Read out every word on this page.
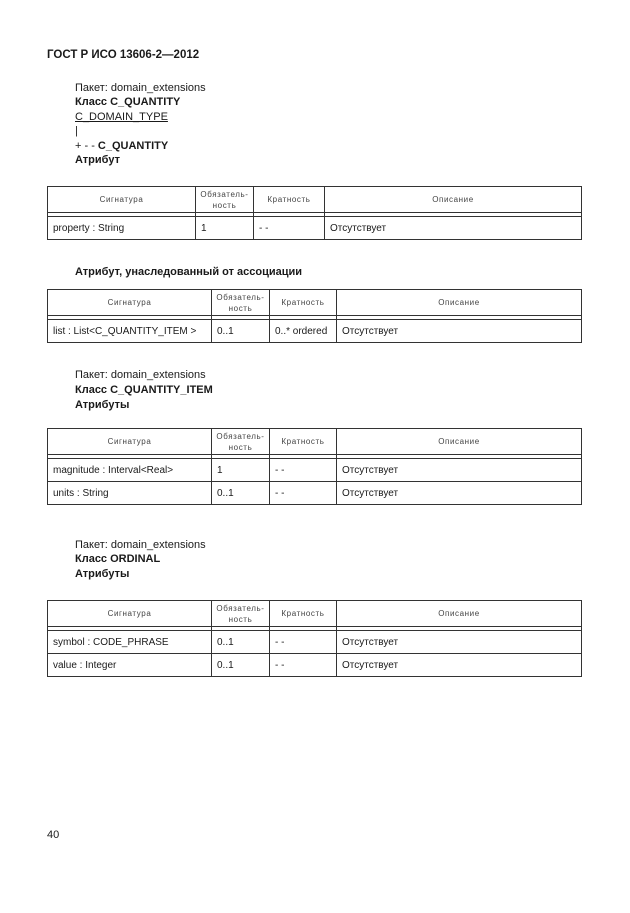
ГОСТ Р ИСО 13606-2—2012
Пакет: domain_extensions
Класс C_QUANTITY
C_DOMAIN_TYPE
|
+ - - C_QUANTITY
Атрибут
Сигнатура	Обязатель-
ность	Кратность	Описание

property : String	1	- -	Отсутствует
Атрибут, унаследованный от ассоциации
Сигнатура	Обязатель-
ность	Кратность	Описание

list : List<C_QUANTITY_ITEM >	0..1	0..* ordered	Отсутствует
Пакет: domain_extensions
Класс C_QUANTITY_ITEM
Атрибуты
Сигнатура	Обязатель-
ность	Кратность	Описание

magnitude : Interval<Real>	1	- -	Отсутствует
units : String	0..1	- -	Отсутствует
Пакет: domain_extensions
Класс ORDINAL
Атрибуты
Сигнатура	Обязатель-
ность	Кратность	Описание

symbol : CODE_PHRASE	0..1	- -	Отсутствует
value : Integer	0..1	- -	Отсутствует
40
